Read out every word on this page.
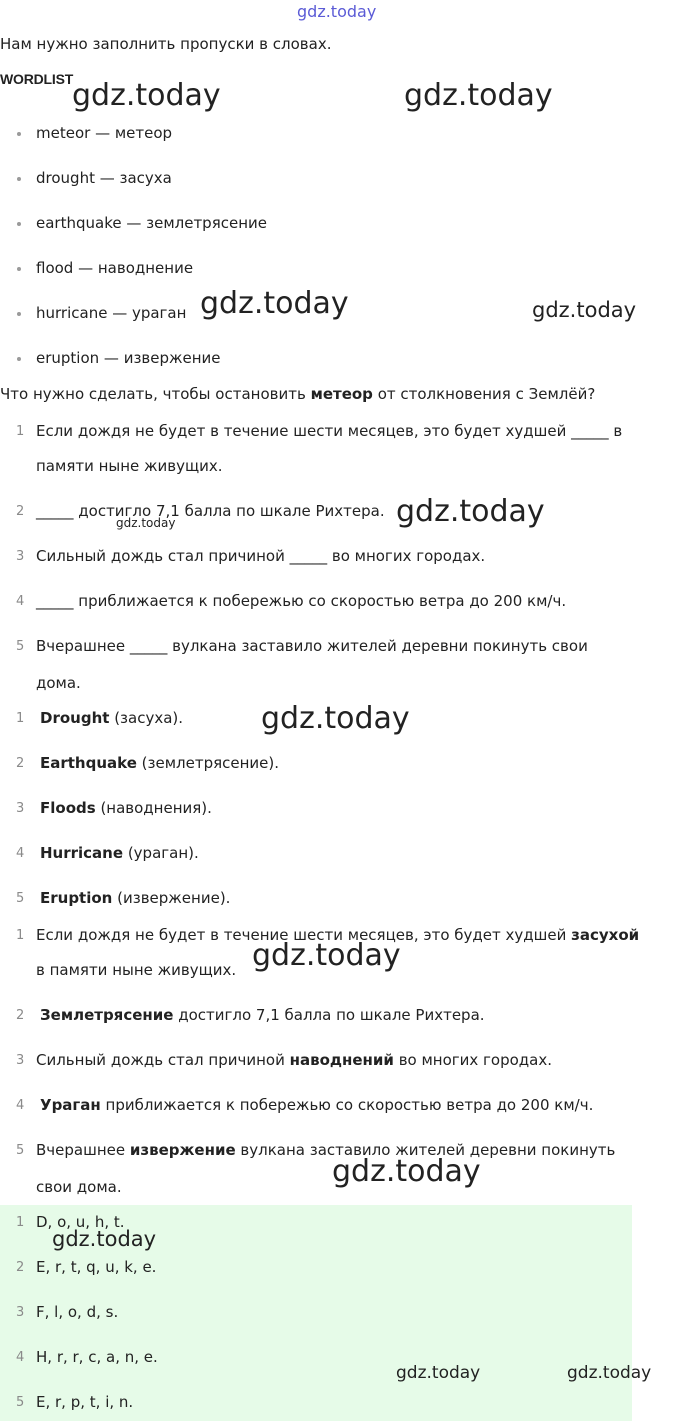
Нам нужно заполнить пропуски в словах.
WORDLIST
meteor — метеор
drought — засуха
earthquake — землетрясение
flood — наводнение
hurricane — ураган
eruption — извержение
Что нужно сделать, чтобы остановить метеор от столкновения с Землёй?
1 Если дождя не будет в течение шести месяцев, это будет худшей _____ в
памяти ныне живущих.
2 _____ достигло 7,1 балла по шкале Рихтера.
3 Сильный дождь стал причиной _____ во многих городах.
4 _____ приближается к побережью со скоростью ветра до 200 км/ч.
5 Вчерашнее _____ вулкана заставило жителей деревни покинуть свои
дома.
1 Drought (засуха).
2 Earthquake (землетрясение).
3 Floods (наводнения).
4 Hurricane (ураган).
5 Eruption (извержение).
1 Если дождя не будет в течение шести месяцев, это будет худшей засухой
в памяти ныне живущих.
2 Землетрясение достигло 7,1 балла по шкале Рихтера.
3 Сильный дождь стал причиной наводнений во многих городах.
4 Ураган приближается к побережью со скоростью ветра до 200 км/ч.
5 Вчерашнее извержение вулкана заставило жителей деревни покинуть
свои дома.
1 D, o, u, h, t.
2 E, r, t, q, u, k, e.
3 F, l, o, d, s.
4 H, r, r, c, a, n, e.
5 E, r, p, t, i, n.
gdz.today
gdz.today	gdz.today
gdz.today	gdz.today
gdz.today	gdz.today
gdz.today
gdz.today
gdz.today
gdz.today
gdz.today	gdz.today
